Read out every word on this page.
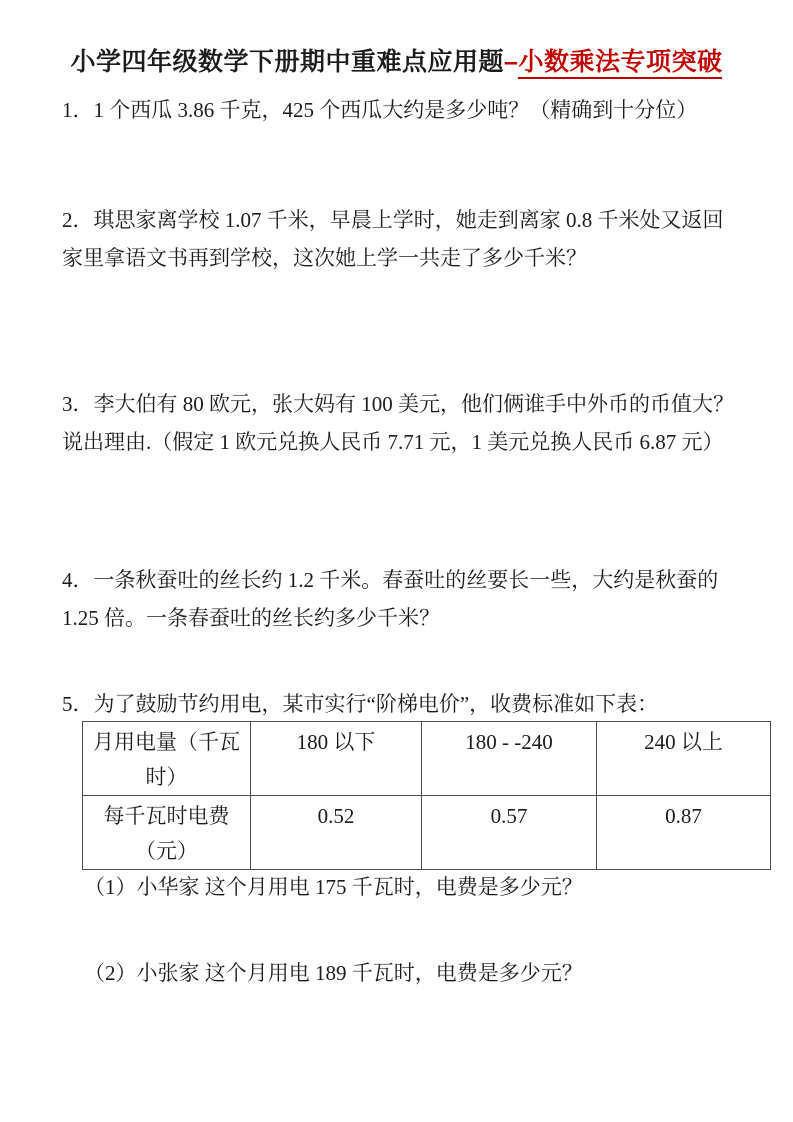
小学四年级数学下册期中重难点应用题–小数乘法专项突破
1．1 个西瓜 3.86 千克，425 个西瓜大约是多少吨？（精确到十分位）
2．琪思家离学校 1.07 千米，早晨上学时，她走到离家 0.8 千米处又返回
家里拿语文书再到学校，这次她上学一共走了多少千米？
3．李大伯有 80 欧元，张大妈有 100 美元，他们俩谁手中外币的币值大？
说出理由.（假定 1 欧元兑换人民币 7.71 元，1 美元兑换人民币 6.87 元）
4．一条秋蚕吐的丝长约 1.2 千米。春蚕吐的丝要长一些，大约是秋蚕的
1.25 倍。一条春蚕吐的丝长约多少千米？
5．为了鼓励节约用电，某市实行“阶梯电价”，收费标准如下表：
月用电量（千瓦
时）	180 以下	180 - -240	240 以上
每千瓦时电费
（元）	0.52	0.57	0.87
（1）小华家 这个月用电 175 千瓦时，电费是多少元？
（2）小张家 这个月用电 189 千瓦时，电费是多少元？
